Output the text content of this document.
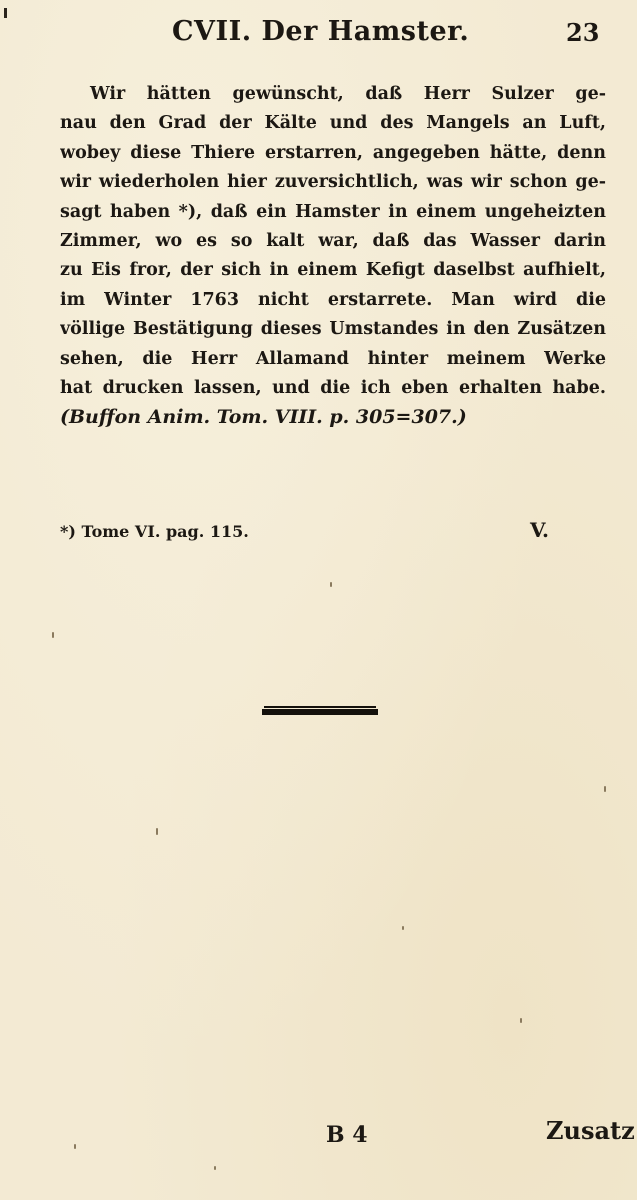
CVII. Der Hamster.	23
Wir hätten gewünscht, daß Herr Sulzer ge-
nau den Grad der Kälte und des Mangels an Luft,
wobey diese Thiere erstarren, angegeben hätte, denn
wir wiederholen hier zuversichtlich, was wir schon ge-
sagt haben *), daß ein Hamster in einem ungeheizten
Zimmer, wo es so kalt war, daß das Wasser darin
zu Eis fror, der sich in einem Kefigt daselbst aufhielt,
im Winter 1763 nicht erstarrete. Man wird die
völlige Bestätigung dieses Umstandes in den Zusätzen
sehen, die Herr Allamand hinter meinem Werke
hat drucken lassen, und die ich eben erhalten habe.
(Buffon Anim. Tom. VIII. p. 305=307.)
*) Tome VI. pag. 115.	V.
B 4	Zusatz
